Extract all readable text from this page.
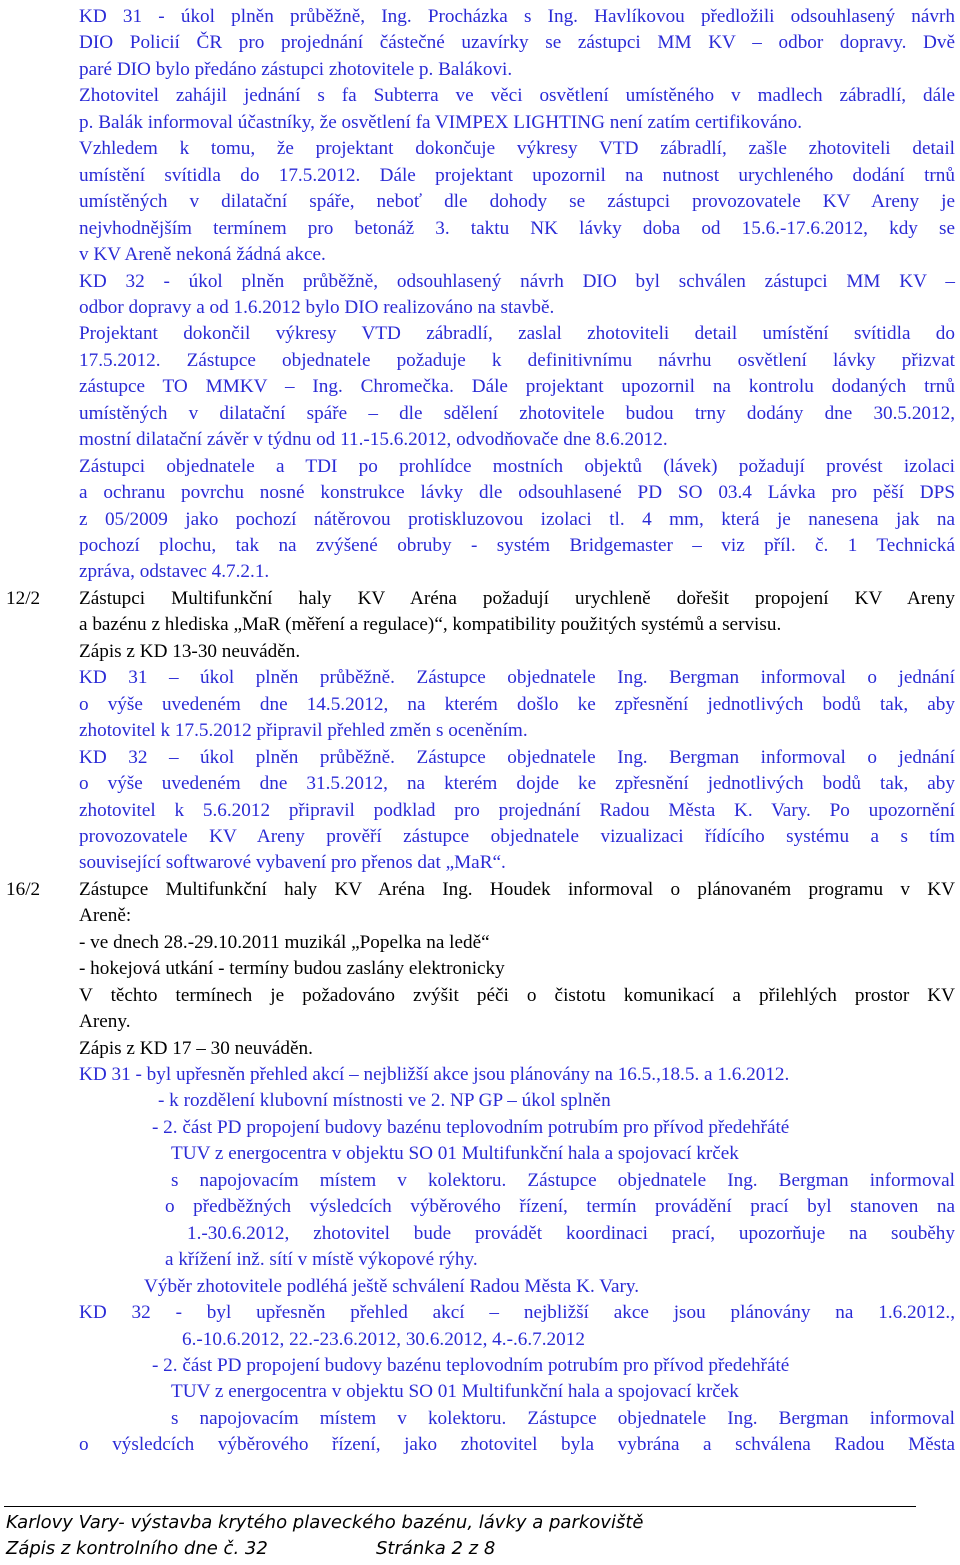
KD 31 - úkol plněn průběžně, Ing. Procházka s Ing. Havlíkovou předložili odsouhlasený návrh
DIO Policií ČR pro projednání částečné uzavírky se zástupci MM KV – odbor dopravy. Dvě
paré DIO bylo předáno zástupci zhotovitele p. Balákovi.
Zhotovitel zahájil jednání s fa Subterra ve věci osvětlení umístěného v madlech zábradlí, dále
p. Balák informoval účastníky, že osvětlení fa VIMPEX LIGHTING není zatím certifikováno.
Vzhledem k tomu, že projektant dokončuje výkresy VTD zábradlí, zašle zhotoviteli detail
umístění svítidla do 17.5.2012. Dále projektant upozornil na nutnost urychleného dodání trnů
umístěných v dilatační spáře, neboť dle dohody se zástupci provozovatele KV Areny je
nejvhodnějším termínem pro betonáž 3. taktu NK lávky doba od 15.6.-17.6.2012, kdy se
v KV Areně nekoná žádná akce.
KD 32 - úkol plněn průběžně, odsouhlasený návrh DIO byl schválen zástupci MM KV –
odbor dopravy a od 1.6.2012 bylo DIO realizováno na stavbě.
Projektant dokončil výkresy VTD zábradlí, zaslal zhotoviteli detail umístění svítidla do
17.5.2012. Zástupce objednatele požaduje k definitivnímu návrhu osvětlení lávky přizvat
zástupce TO MMKV – Ing. Chromečka. Dále projektant upozornil na kontrolu dodaných trnů
umístěných v dilatační spáře – dle sdělení zhotovitele budou trny dodány dne 30.5.2012,
mostní dilatační závěr v týdnu od 11.-15.6.2012, odvodňovače dne 8.6.2012.
Zástupci objednatele a TDI po prohlídce mostních objektů (lávek) požadují provést izolaci
a ochranu povrchu nosné konstrukce lávky dle odsouhlasené PD SO 03.4 Lávka pro pěší DPS
z 05/2009 jako pochozí nátěrovou protiskluzovou izolaci tl. 4 mm, která je nanesena jak na
pochozí plochu, tak na zvýšené obruby - systém Bridgemaster – viz příl. č. 1 Technická
zpráva, odstavec 4.7.2.1.
Zástupci Multifunkční haly KV Aréna požadují urychleně dořešit propojení KV Areny
a bazénu z hlediska „MaR (měření a regulace)“, kompatibility použitých systémů a servisu.
Zápis z KD 13-30 neuváděn.
KD 31 – úkol plněn průběžně. Zástupce objednatele Ing. Bergman informoval o jednání
o výše uvedeném dne 14.5.2012, na kterém došlo ke zpřesnění jednotlivých bodů tak, aby
zhotovitel k 17.5.2012 připravil přehled změn s oceněním.
KD 32 – úkol plněn průběžně. Zástupce objednatele Ing. Bergman informoval o jednání
o výše uvedeném dne 31.5.2012, na kterém dojde ke zpřesnění jednotlivých bodů tak, aby
zhotovitel k 5.6.2012 připravil podklad pro projednání Radou Města K. Vary. Po upozornění
provozovatele KV Areny prověří zástupce objednatele vizualizaci řídícího systému a s tím
související softwarové vybavení pro přenos dat „MaR“.
Zástupce Multifunkční haly KV Aréna Ing. Houdek informoval o plánovaném programu v KV
Areně:
- ve dnech 28.-29.10.2011 muzikál „Popelka na ledě“
- hokejová utkání - termíny budou zaslány elektronicky
V těchto termínech je požadováno zvýšit péči o čistotu komunikací a přilehlých prostor KV
Areny.
Zápis z KD 17 – 30 neuváděn.
KD 31 - byl upřesněn přehled akcí – nejbližší akce jsou plánovány na 16.5.,18.5. a 1.6.2012.
- k rozdělení klubovní místnosti ve 2. NP GP – úkol splněn
- 2. část PD propojení budovy bazénu teplovodním potrubím pro přívod předehřáté
TUV z energocentra v objektu SO 01 Multifunkční hala a spojovací krček
s napojovacím místem v kolektoru. Zástupce objednatele Ing. Bergman informoval
o předběžných výsledcích výběrového řízení, termín provádění prací byl stanoven na
1.-30.6.2012, zhotovitel bude provádět koordinaci prací, upozorňuje na souběhy
a křížení inž. sítí v místě výkopové rýhy.
Výběr zhotovitele podléhá ještě schválení Radou Města K. Vary.
KD 32 - byl upřesněn přehled akcí – nejbližší akce jsou plánovány na 1.6.2012.,
6.-10.6.2012, 22.-23.6.2012, 30.6.2012, 4.-.6.7.2012
- 2. část PD propojení budovy bazénu teplovodním potrubím pro přívod předehřáté
TUV z energocentra v objektu SO 01 Multifunkční hala a spojovací krček
s napojovacím místem v kolektoru. Zástupce objednatele Ing. Bergman informoval
o výsledcích výběrového řízení, jako zhotovitel byla vybrána a schválena Radou Města
12/2
16/2
Karlovy Vary- výstavba krytého plaveckého bazénu, lávky a parkoviště
Zápis z kontrolního dne č. 32	Stránka 2 z 8
